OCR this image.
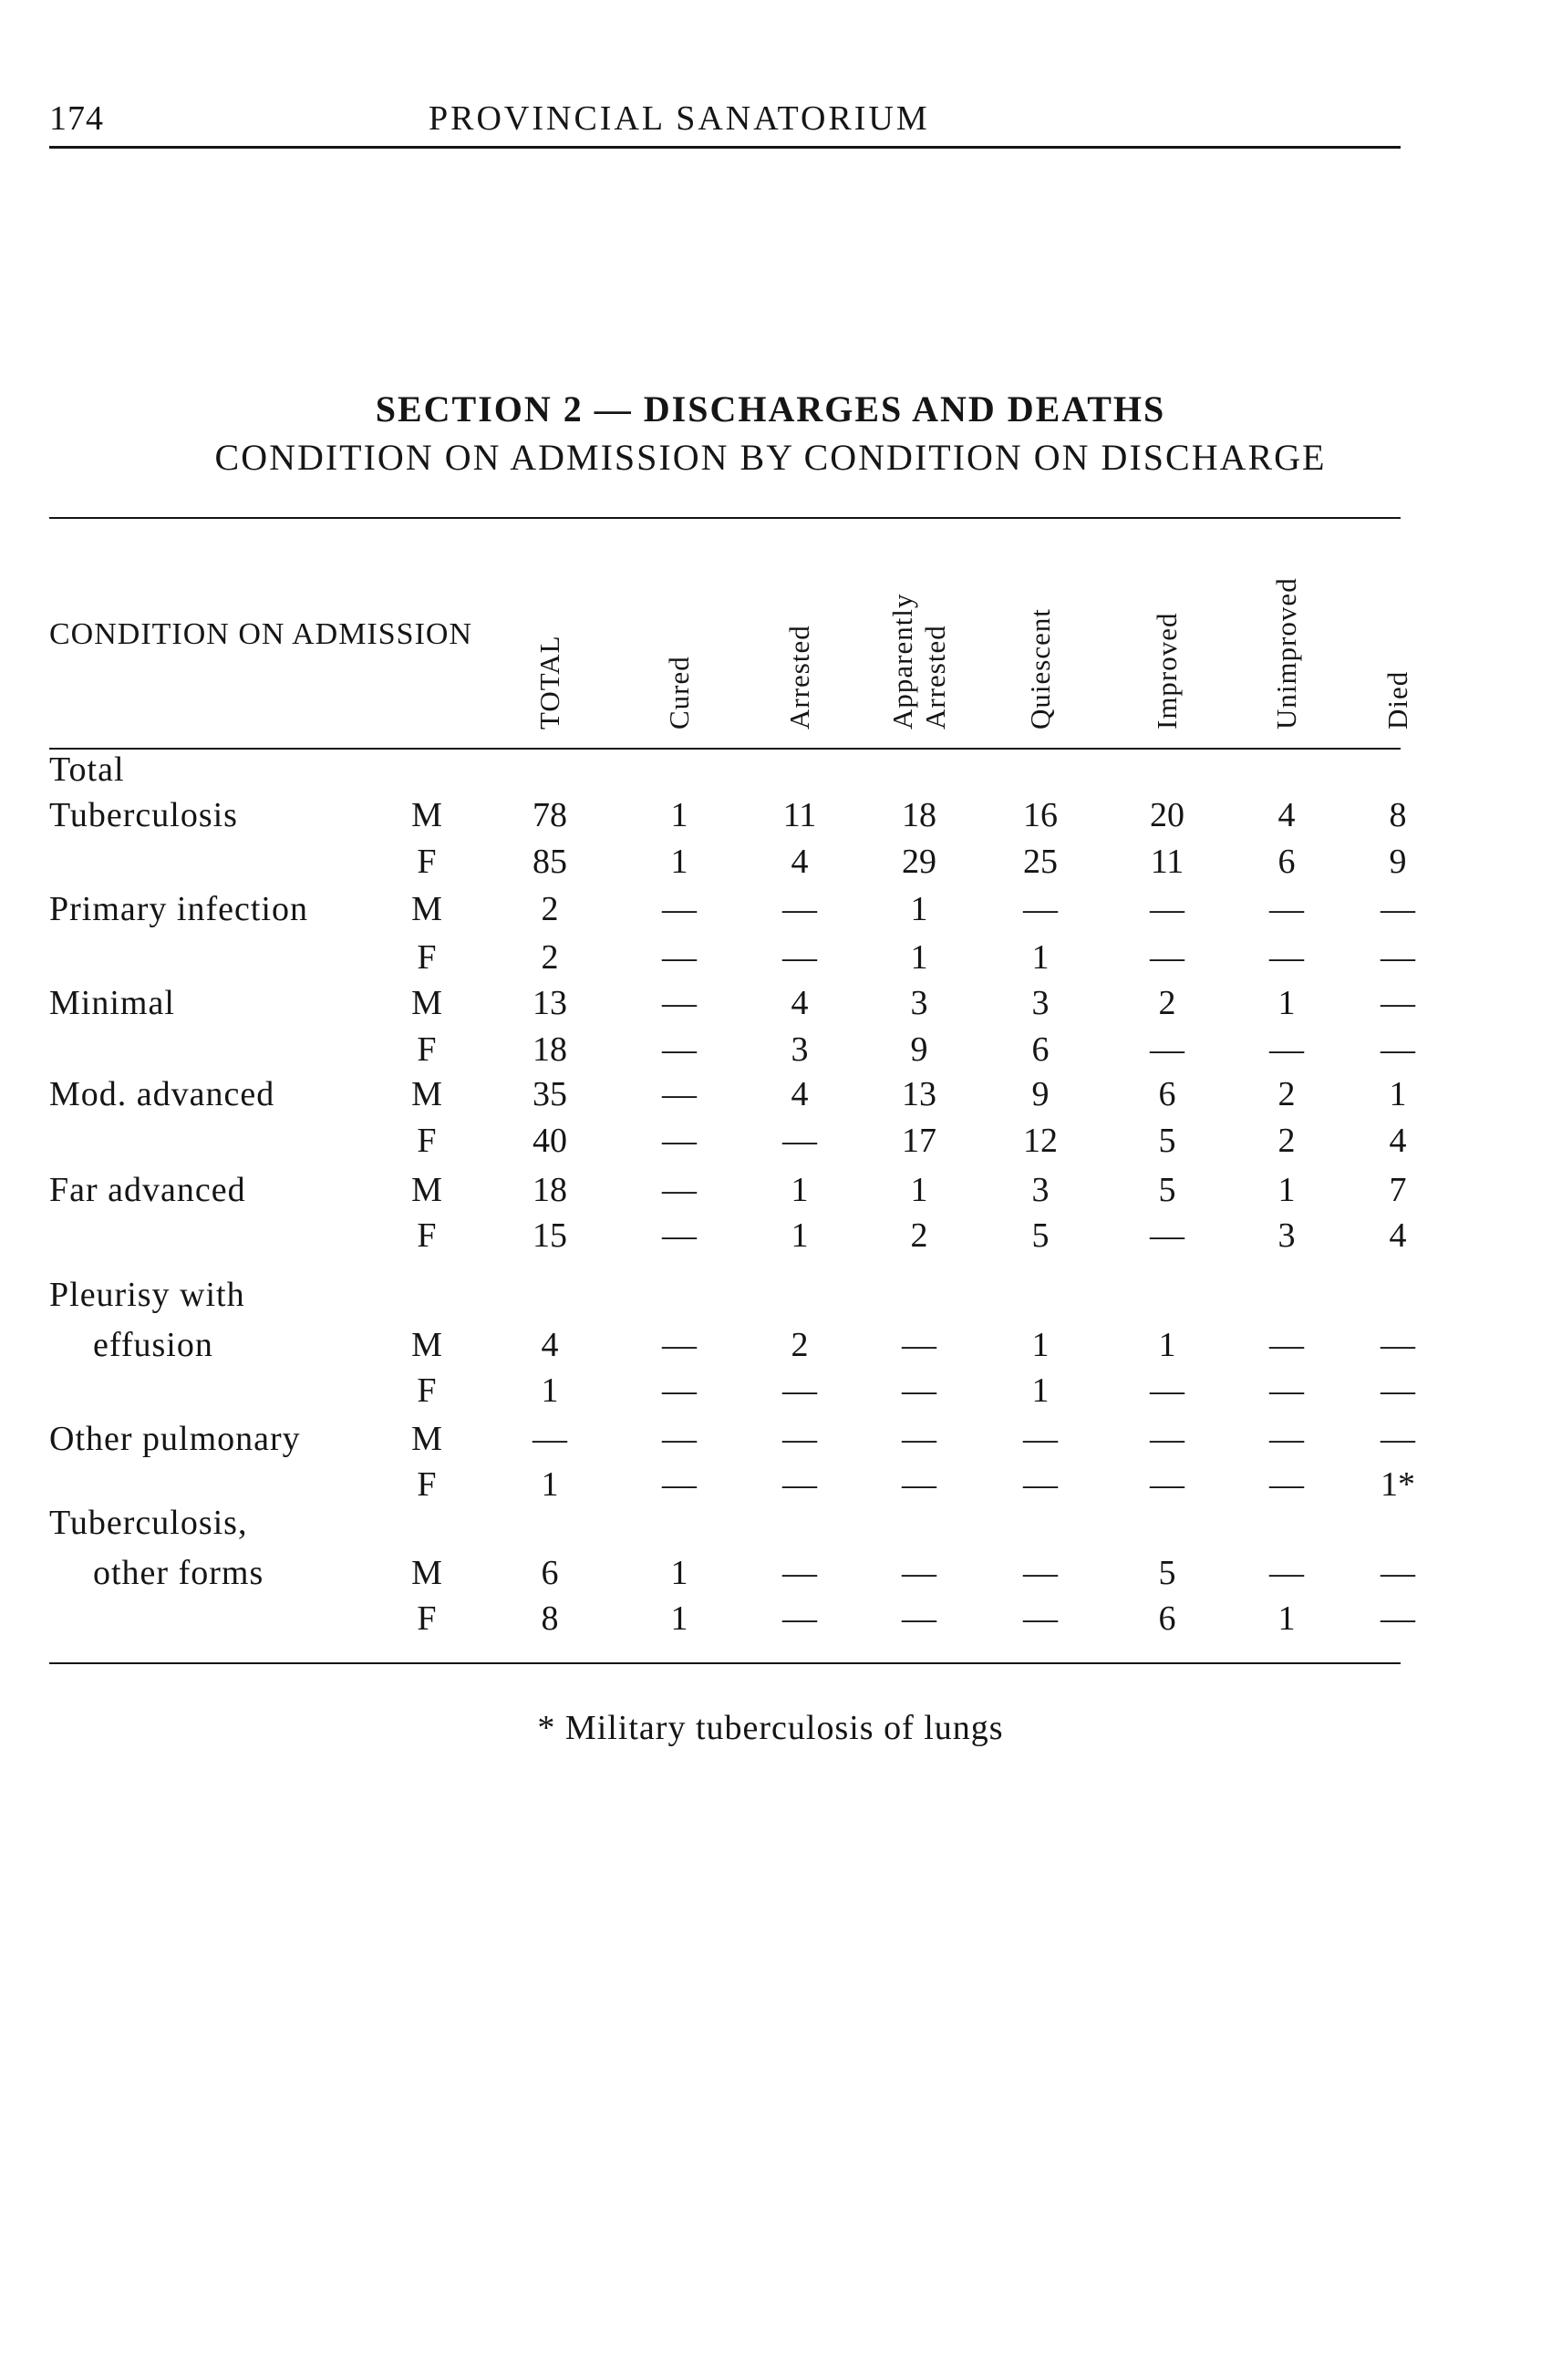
174	PROVINCIAL SANATORIUM
SECTION 2 — DISCHARGES AND DEATHS
CONDITION ON ADMISSION BY CONDITION ON DISCHARGE
CONDITION ON ADMISSION
TOTAL	Cured	Arrested	Apparently Arrested	Quiescent	Improved	Unimproved	Died
Total
Tuberculosis	M	78	1	11	18	16	20	4	8
F	85	1	4	29	25	11	6	9
Primary infection	M	2	—	—	1	—	—	—	—
F	2	—	—	1	1	—	—	—
Minimal	M	13	—	4	3	3	2	1	—
F	18	—	3	9	6	—	—	—
Mod. advanced	M	35	—	4	13	9	6	2	1
F	40	—	—	17	12	5	2	4
Far advanced	M	18	—	1	1	3	5	1	7
F	15	—	1	2	5	—	3	4
Pleurisy with
effusion	M	4	—	2	—	1	1	—	—
F	1	—	—	—	1	—	—	—
Other pulmonary	M	—	—	—	—	—	—	—	—
F	1	—	—	—	—	—	—	1*
Tuberculosis,
other forms	M	6	1	—	—	—	5	—	—
F	8	1	—	—	—	6	1	—
* Military tuberculosis of lungs
